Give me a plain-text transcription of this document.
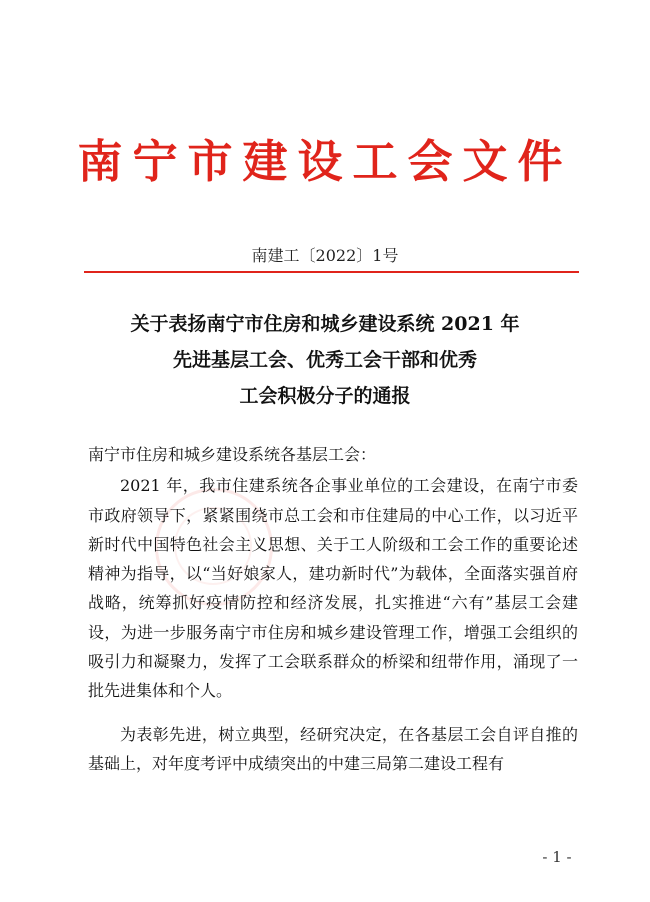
南宁市建设工会文件
南建工〔2022〕1号
关于表扬南宁市住房和城乡建设系统 2021 年
先进基层工会、优秀工会干部和优秀
工会积极分子的通报

南宁市住房和城乡建设系统各基层工会：

2021 年，我市住建系统各企事业单位的工会建设，在南宁市委市政府领导下，紧紧围绕市总工会和市住建局的中心工作，以习近平新时代中国特色社会主义思想、关于工人阶级和工会工作的重要论述精神为指导，以“当好娘家人，建功新时代”为载体，全面落实强首府战略，统筹抓好疫情防控和经济发展，扎实推进“六有”基层工会建设，为进一步服务南宁市住房和城乡建设管理工作，增强工会组织的吸引力和凝聚力，发挥了工会联系群众的桥梁和纽带作用，涌现了一批先进集体和个人。

为表彰先进，树立典型，经研究决定，在各基层工会自评自推的基础上，对年度考评中成绩突出的中建三局第二建设工程有

- 1 -
